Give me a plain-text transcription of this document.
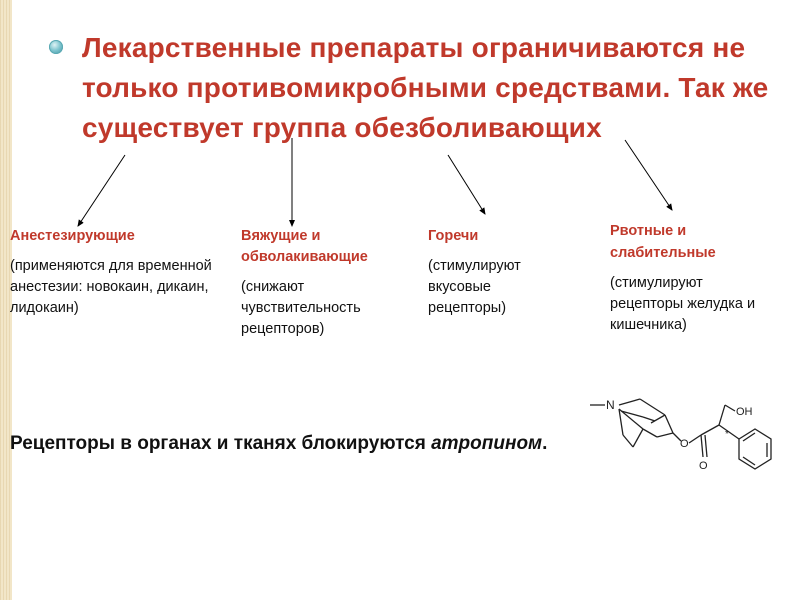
Лекарственные препараты ограничиваются не только противомикробными средствами. Так же существует группа обезболивающих

Анестезирующие
(применяются для временной анестезии: новокаин, дикаин, лидокаин)
Вяжущие и обволакивающие
(снижают чувствительность рецепторов)
Горечи
(стимулируют вкусовые рецепторы)
Рвотные и слабительные
(стимулируют рецепторы желудка и кишечника)
Рецепторы в органах и тканях блокируются атропином.
N
O
O
OH
*
